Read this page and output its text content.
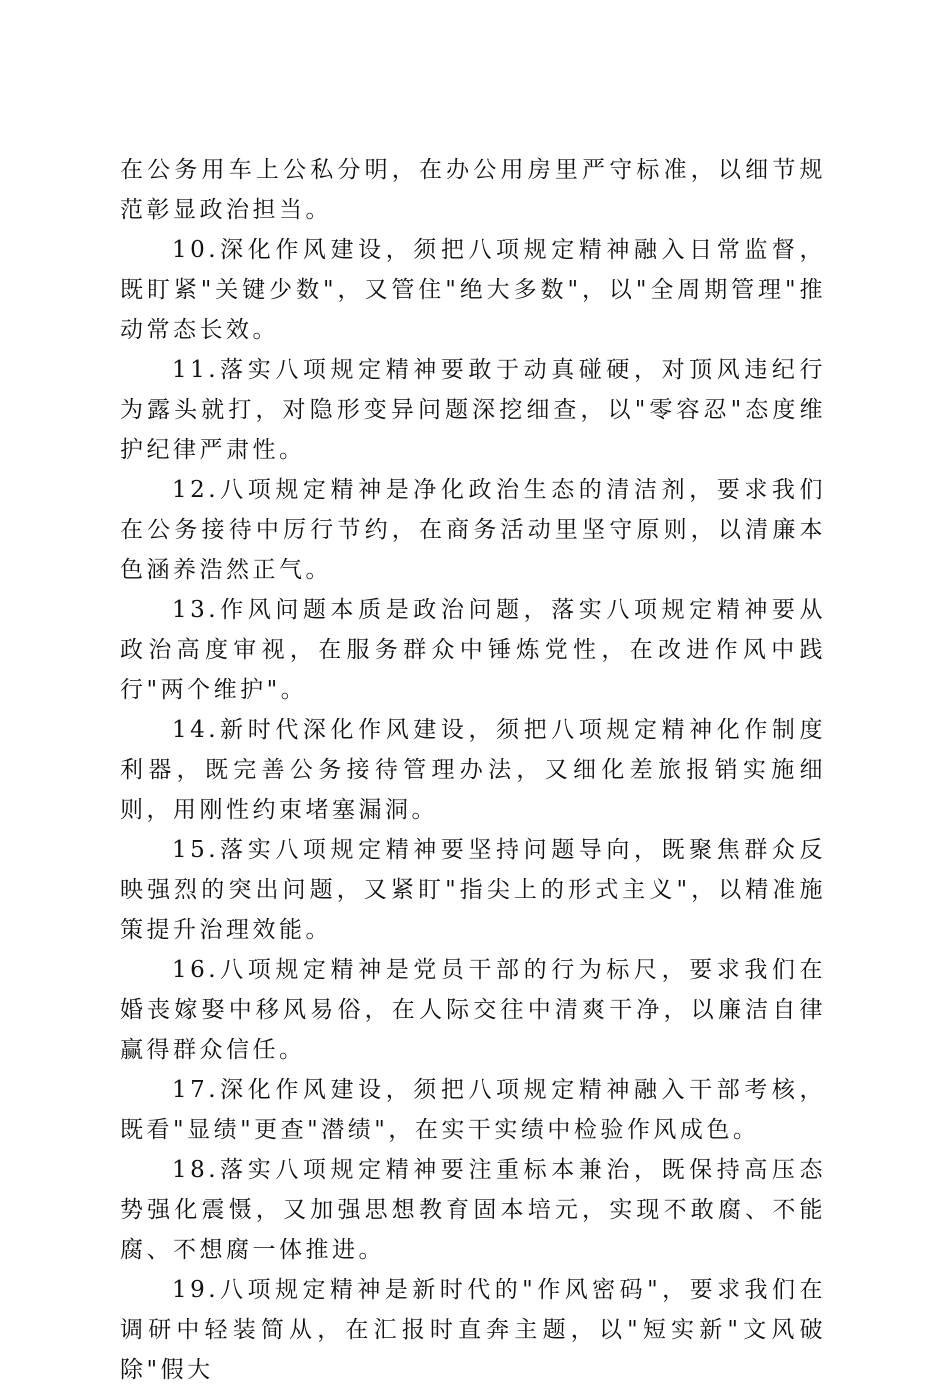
在公务用车上公私分明，在办公用房里严守标准，以细节规范彰显政治担当。

10.深化作风建设，须把八项规定精神融入日常监督，既盯紧"关键少数"，又管住"绝大多数"，以"全周期管理"推动常态长效。

11.落实八项规定精神要敢于动真碰硬，对顶风违纪行为露头就打，对隐形变异问题深挖细查，以"零容忍"态度维护纪律严肃性。

12.八项规定精神是净化政治生态的清洁剂，要求我们在公务接待中厉行节约，在商务活动里坚守原则，以清廉本色涵养浩然正气。

13.作风问题本质是政治问题，落实八项规定精神要从政治高度审视，在服务群众中锤炼党性，在改进作风中践行"两个维护"。

14.新时代深化作风建设，须把八项规定精神化作制度利器，既完善公务接待管理办法，又细化差旅报销实施细则，用刚性约束堵塞漏洞。

15.落实八项规定精神要坚持问题导向，既聚焦群众反映强烈的突出问题，又紧盯"指尖上的形式主义"，以精准施策提升治理效能。

16.八项规定精神是党员干部的行为标尺，要求我们在婚丧嫁娶中移风易俗，在人际交往中清爽干净，以廉洁自律赢得群众信任。

17.深化作风建设，须把八项规定精神融入干部考核，既看"显绩"更查"潜绩"，在实干实绩中检验作风成色。

18.落实八项规定精神要注重标本兼治，既保持高压态势强化震慑，又加强思想教育固本培元，实现不敢腐、不能腐、不想腐一体推进。

19.八项规定精神是新时代的"作风密码"，要求我们在调研中轻装简从，在汇报时直奔主题，以"短实新"文风破除"假大
